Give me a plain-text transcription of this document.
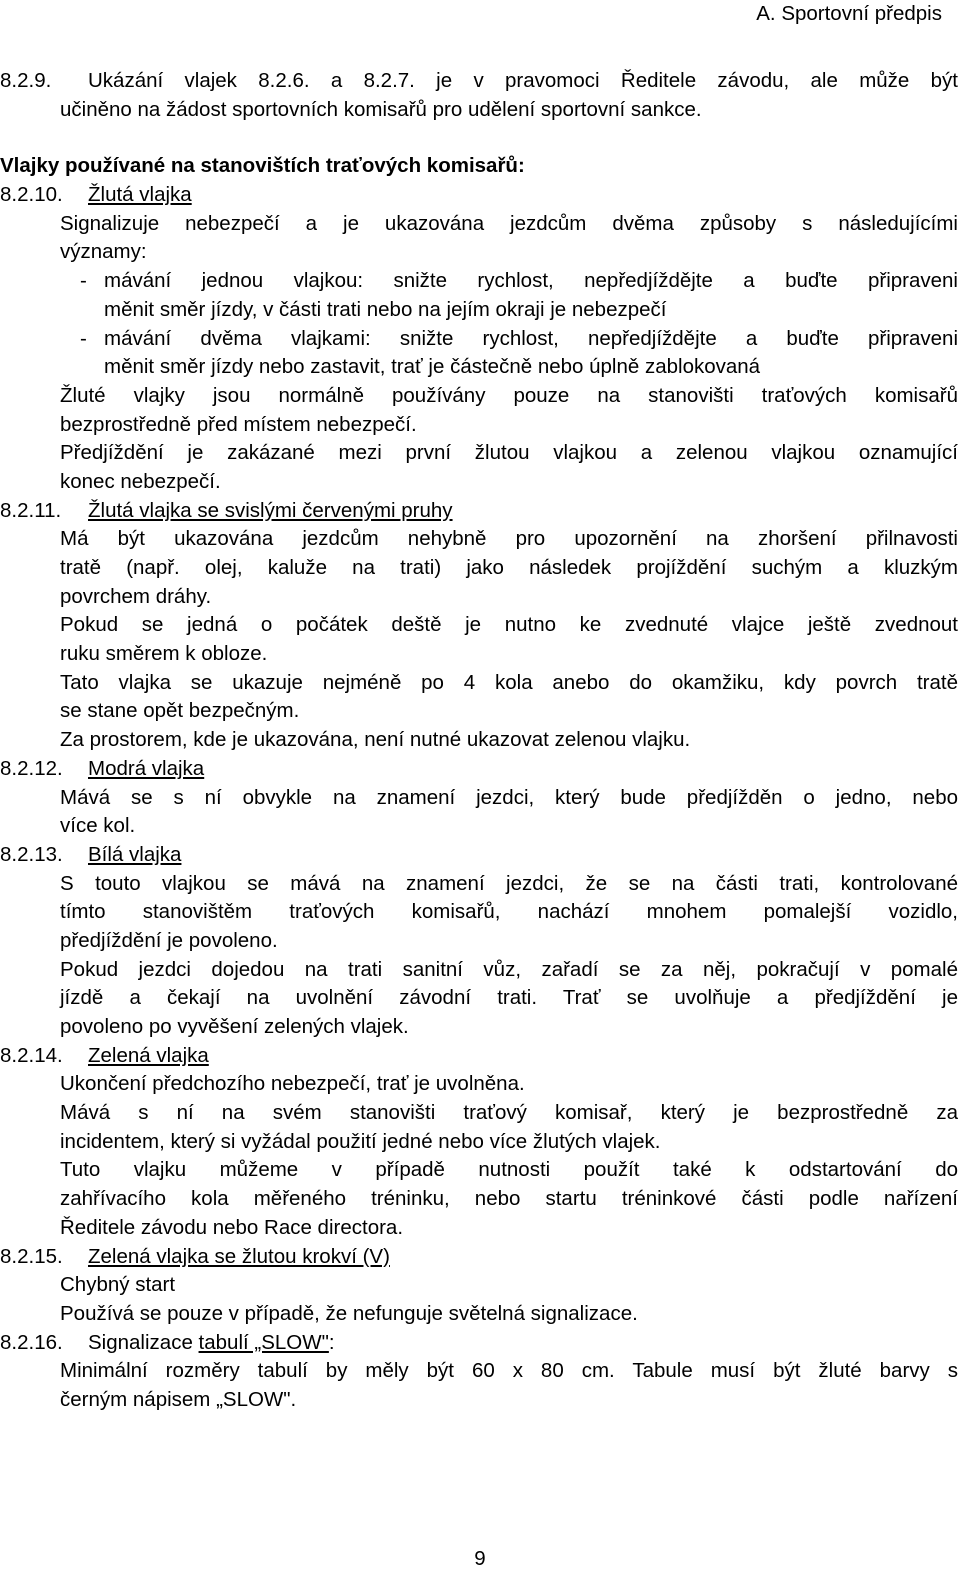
A. Sportovní předpis
8.2.9. Ukázání vlajek 8.2.6. a 8.2.7. je v pravomoci Ředitele závodu, ale může být
učiněno na žádost sportovních komisařů pro udělení sportovní sankce.
Vlajky používané na stanovištích traťových komisařů:
8.2.10. Žlutá vlajka
Signalizuje nebezpečí a je ukazována jezdcům dvěma způsoby s následujícími
významy:
- mávání jednou vlajkou: snižte rychlost, nepředjíždějte a buďte připraveni
měnit směr jízdy, v části trati nebo na jejím okraji je nebezpečí
- mávání dvěma vlajkami: snižte rychlost, nepředjíždějte a buďte připraveni
měnit směr jízdy nebo zastavit, trať je částečně nebo úplně zablokovaná
Žluté vlajky jsou normálně používány pouze na stanovišti traťových komisařů
bezprostředně před místem nebezpečí.
Předjíždění je zakázané mezi první žlutou vlajkou a zelenou vlajkou oznamující
konec nebezpečí.
8.2.11. Žlutá vlajka se svislými červenými pruhy
Má být ukazována jezdcům nehybně pro upozornění na zhoršení přilnavosti
tratě (např. olej, kaluže na trati) jako následek projíždění suchým a kluzkým
povrchem dráhy.
Pokud se jedná o počátek deště je nutno ke zvednuté vlajce ještě zvednout
ruku směrem k obloze.
Tato vlajka se ukazuje nejméně po 4 kola anebo do okamžiku, kdy povrch tratě
se stane opět bezpečným.
Za prostorem, kde je ukazována, není nutné ukazovat zelenou vlajku.
8.2.12. Modrá vlajka
Mává se s ní obvykle na znamení jezdci, který bude předjížděn o jedno, nebo
více kol.
8.2.13. Bílá vlajka
S touto vlajkou se mává na znamení jezdci, že se na části trati, kontrolované
tímto stanovištěm traťových komisařů, nachází mnohem pomalejší vozidlo,
předjíždění je povoleno.
Pokud jezdci dojedou na trati sanitní vůz, zařadí se za něj, pokračují v pomalé
jízdě a čekají na uvolnění závodní trati. Trať se uvolňuje a předjíždění je
povoleno po vyvěšení zelených vlajek.
8.2.14. Zelená vlajka
Ukončení předchozího nebezpečí, trať je uvolněna.
Mává s ní na svém stanovišti traťový komisař, který je bezprostředně za
incidentem, který si vyžádal použití jedné nebo více žlutých vlajek.
Tuto vlajku můžeme v případě nutnosti použít také k odstartování do
zahřívacího kola měřeného tréninku, nebo startu tréninkové části podle nařízení
Ředitele závodu nebo Race directora.
8.2.15. Zelená vlajka se žlutou krokví (V)
Chybný start
Používá se pouze v případě, že nefunguje světelná signalizace.
8.2.16. Signalizace tabulí „SLOW":
Minimální rozměry tabulí by měly být 60 x 80 cm. Tabule musí být žluté barvy s
černým nápisem „SLOW".
9
